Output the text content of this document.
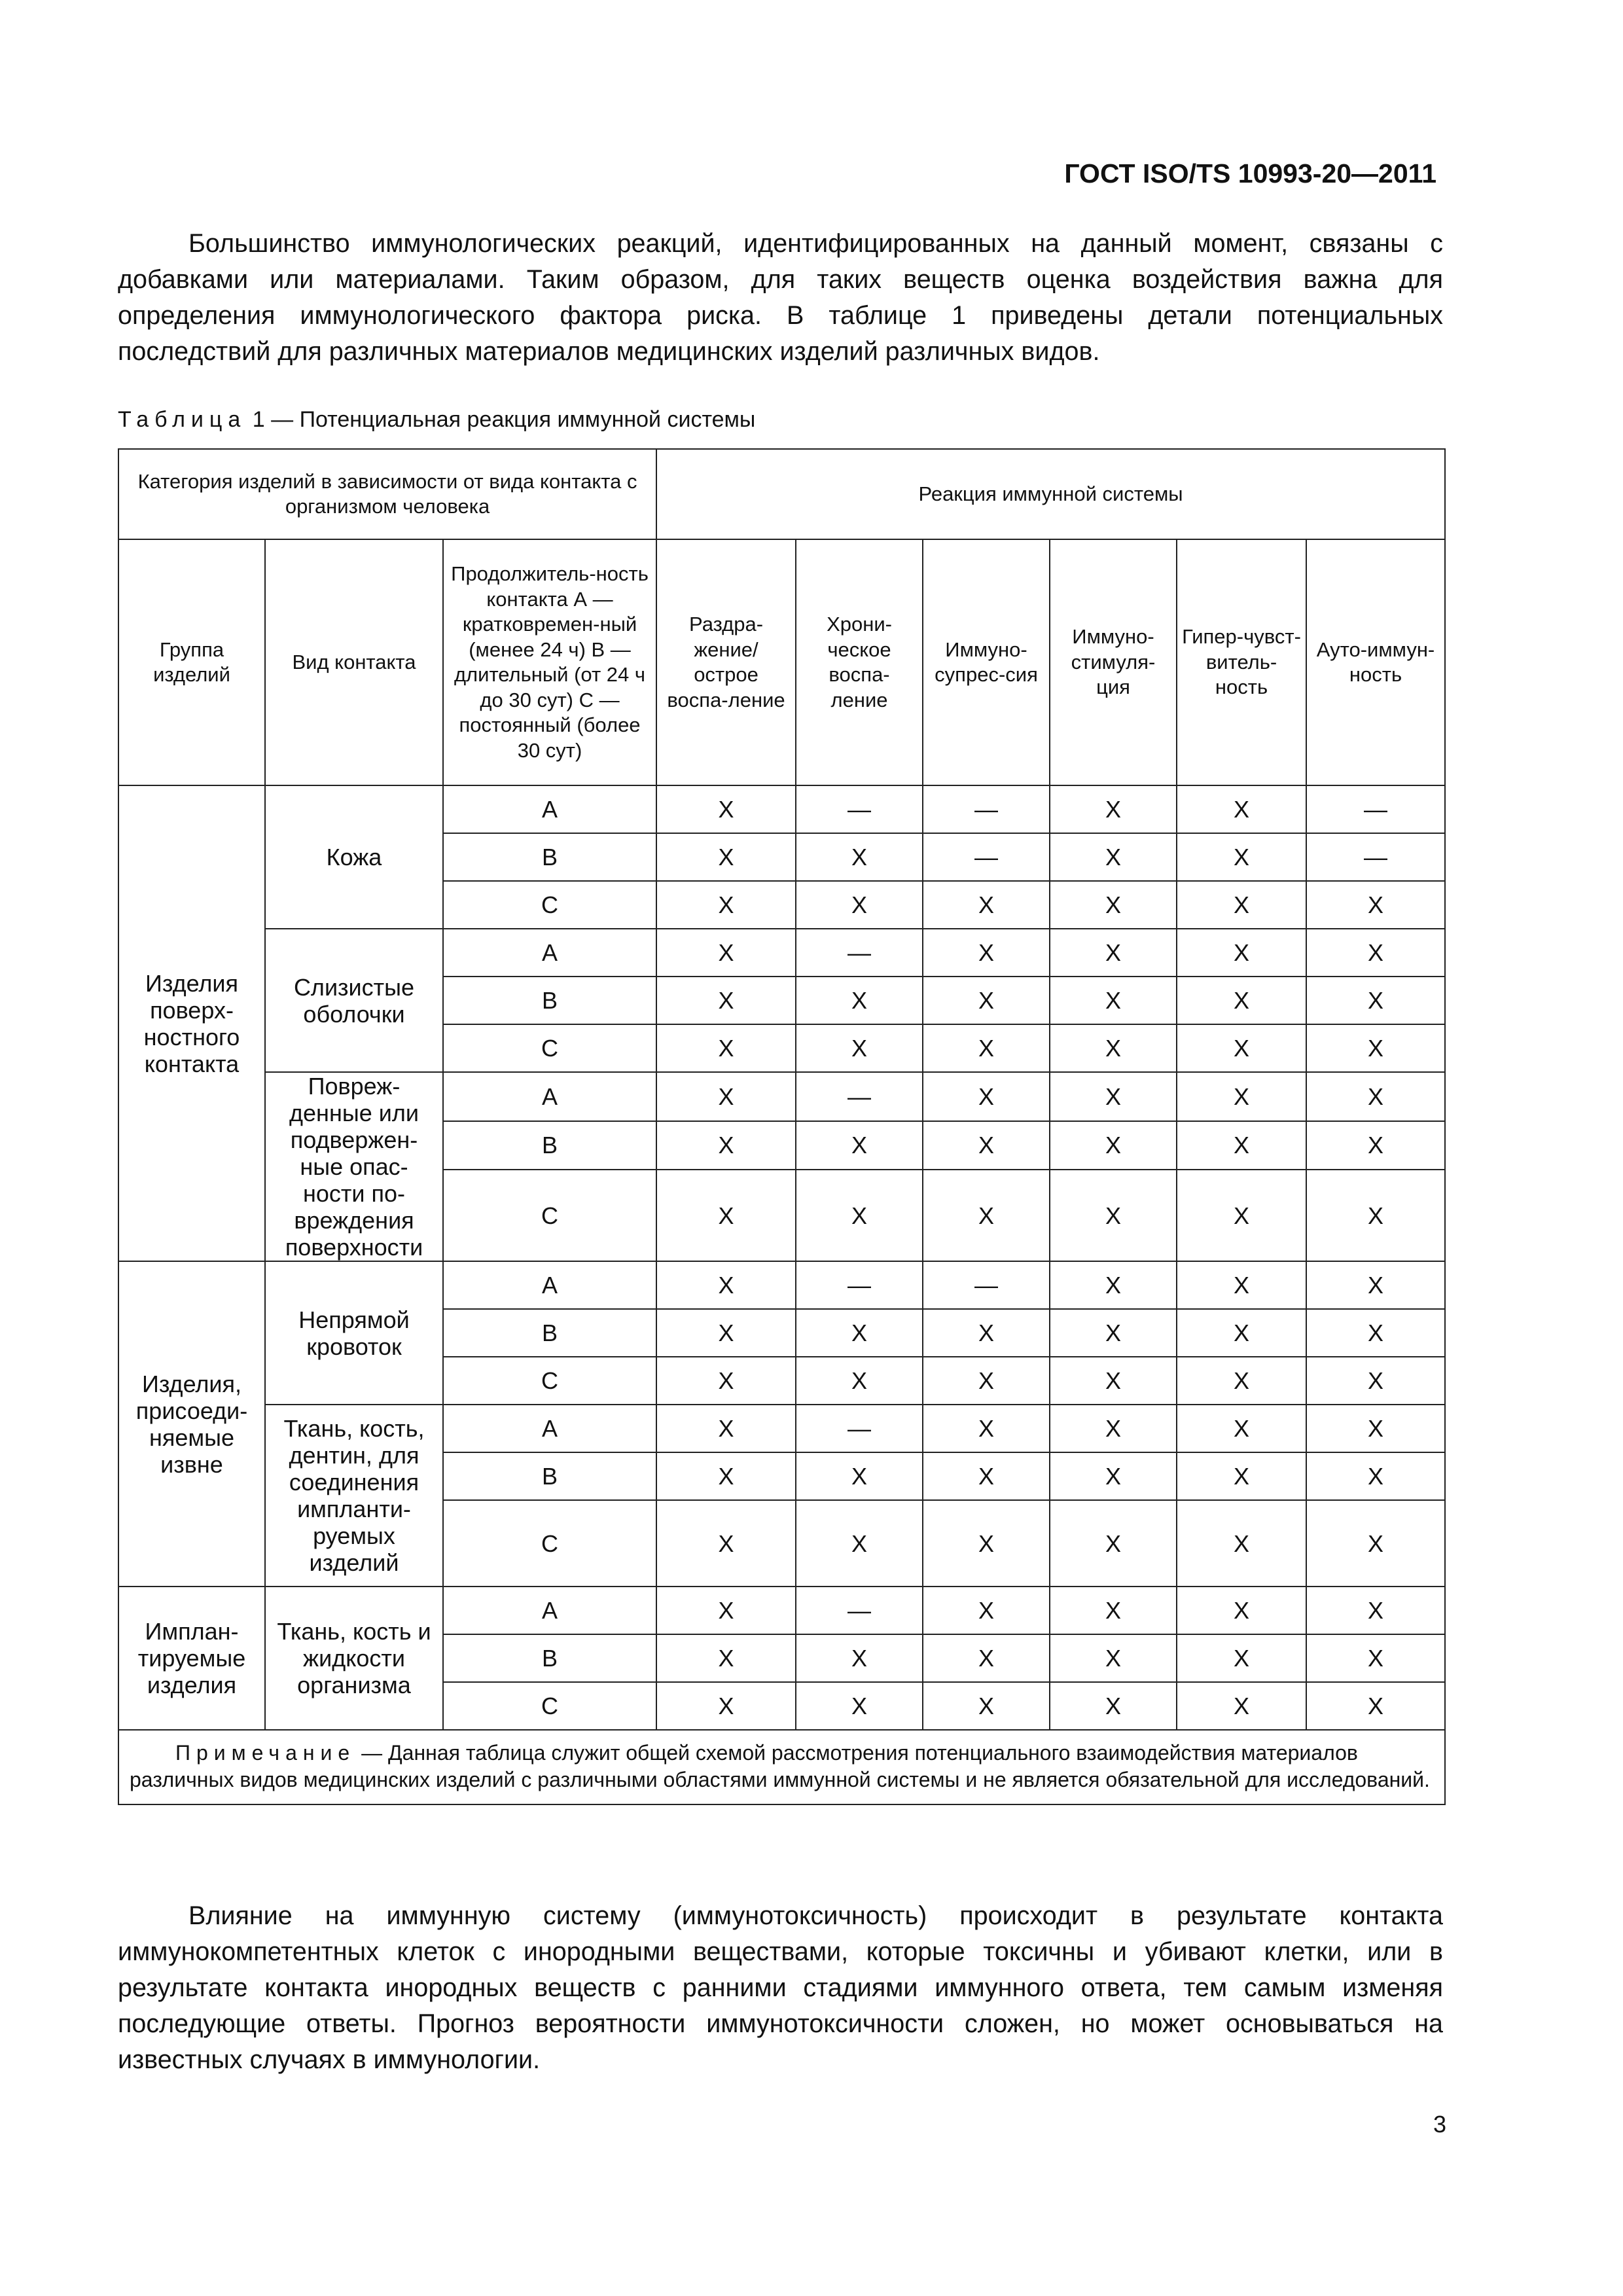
ГОСТ ISO/TS 10993-20—2011

Большинство иммунологических реакций, идентифицированных на данный момент, связаны с добавками или материалами. Таким образом, для таких веществ оценка воздействия важна для определения иммунологического фактора риска. В таблице 1 приведены детали потенциальных последствий для различных материалов медицинских изделий различных видов.

Таблица 1 — Потенциальная реакция иммунной системы
Категория изделий в зависимости от вида контакта с организмом человека			Реакция иммунной системы					
Группа изделий	Вид контакта	Продолжитель-ность контакта А — кратковремен-ный (менее 24 ч) В — длительный (от 24 ч до 30 сут) С — постоянный (более 30 сут)	Раздра-жение/ острое воспа-ление	Хрони-ческое воспа-ление	Иммуно-супрес-сия	Иммуно-стимуля-ция	Гипер-чувст-витель-ность	Ауто-иммун-ность
Изделия поверх-ностного контакта	Кожа	А	X	—	—	X	X	—
		В	X	X	—	X	X	—
		С	X	X	X	X	X	X
	Слизистые оболочки	А	X	—	X	X	X	X
		В	X	X	X	X	X	X
		С	X	X	X	X	X	X
	Повреж-денные или подвержен-ные опас-ности по-вреждения поверхности	А	X	—	X	X	X	X
		В	X	X	X	X	X	X
		С	X	X	X	X	X	X
Изделия, присоеди-няемые извне	Непрямой кровоток	А	X	—	—	X	X	X
		В	X	X	X	X	X	X
		С	X	X	X	X	X	X
	Ткань, кость, дентин, для соединения импланти-руемых изделий	А	X	—	X	X	X	X
		В	X	X	X	X	X	X
		С	X	X	X	X	X	X
Имплан-тируемые изделия	Ткань, кость и жидкости организма	А	X	—	X	X	X	X
		В	X	X	X	X	X	X
		С	X	X	X	X	X	X
Примечание — Данная таблица служит общей схемой рассмотрения потенциального взаимодействия материалов различных видов медицинских изделий с различными областями иммунной системы и не является обязательной для исследований.								

Влияние на иммунную систему (иммунотоксичность) происходит в результате контакта иммунокомпетентных клеток с инородными веществами, которые токсичны и убивают клетки, или в результате контакта инородных веществ с ранними стадиями иммунного ответа, тем самым изменяя последующие ответы. Прогноз вероятности иммунотоксичности сложен, но может основываться на известных случаях в иммунологии.

3
